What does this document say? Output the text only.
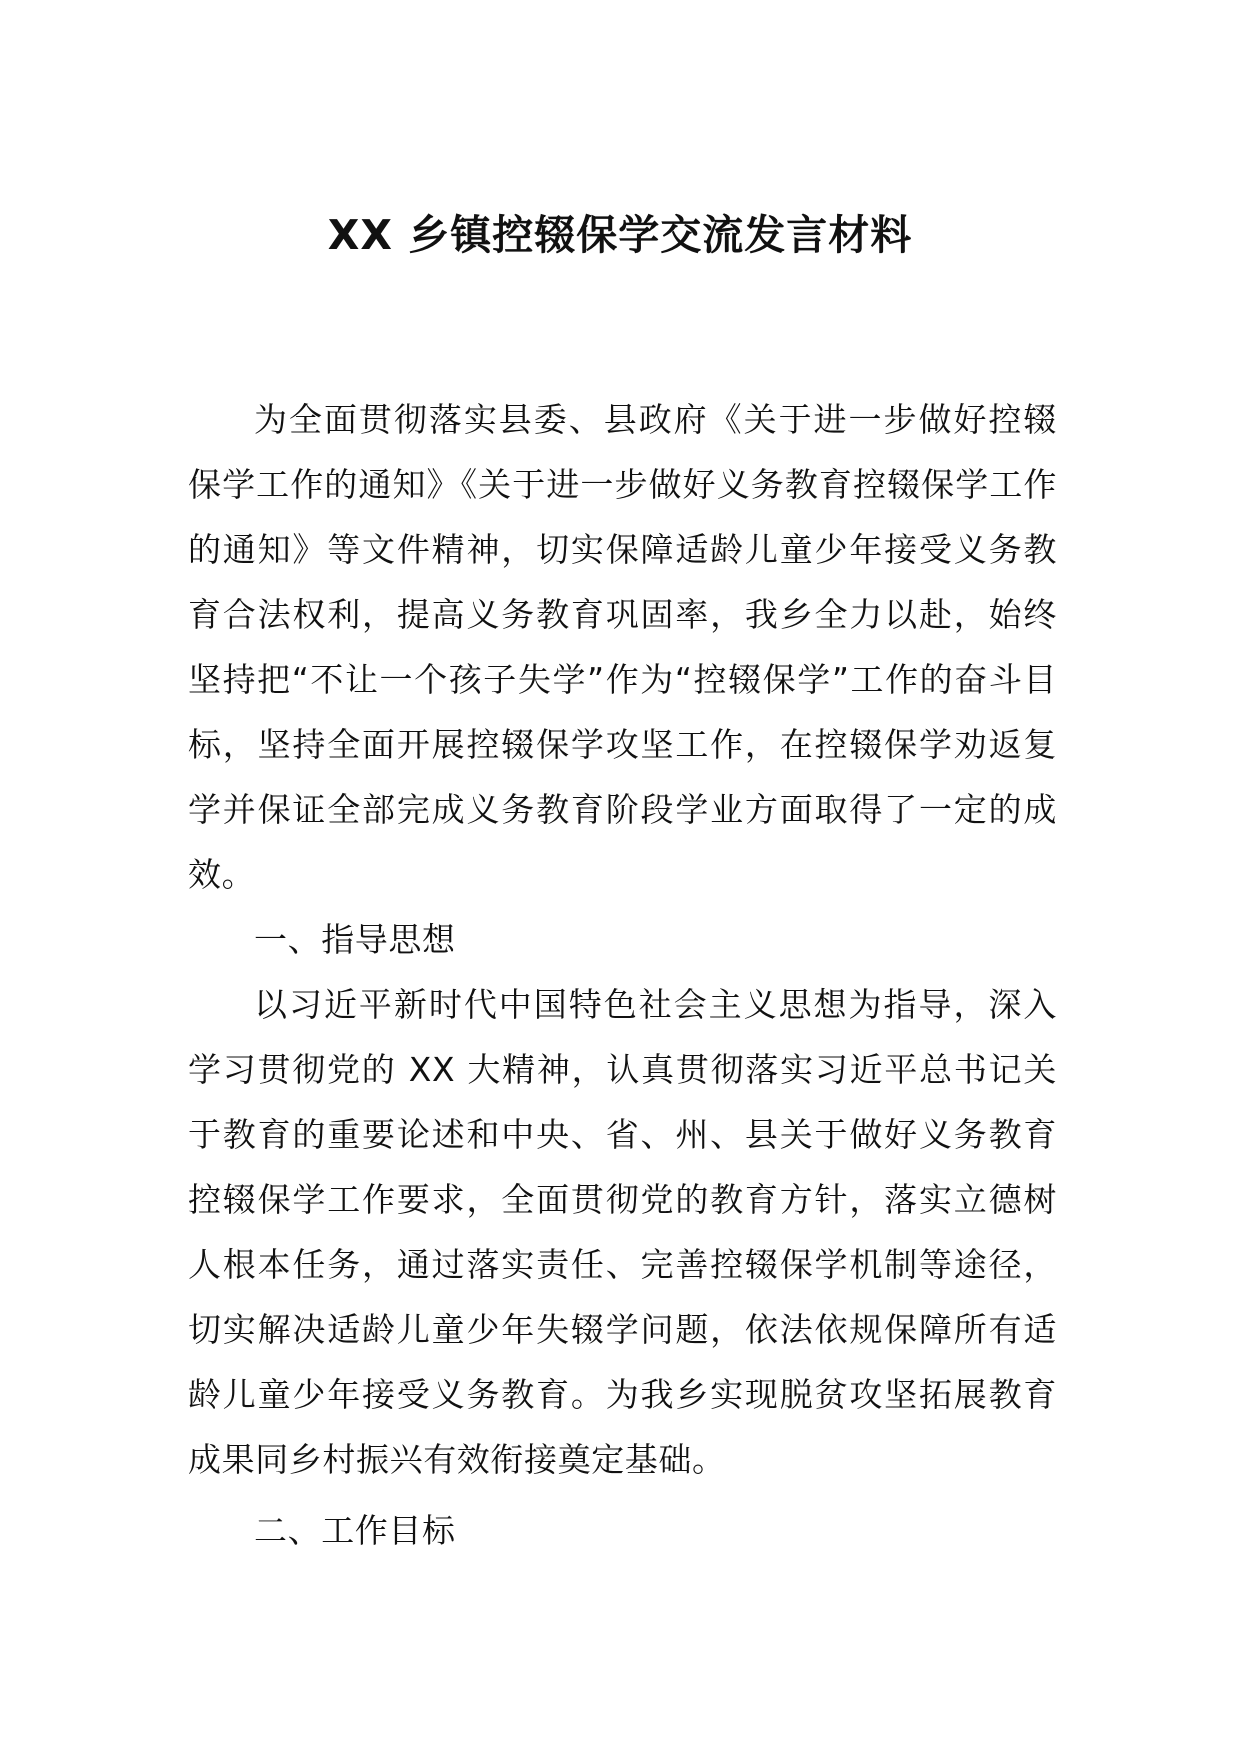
XX 乡镇控辍保学交流发言材料

为全面贯彻落实县委、县政府《关于进一步做好控辍保学工作的通知》《关于进一步做好义务教育控辍保学工作的通知》等文件精神，切实保障适龄儿童少年接受义务教育合法权利，提高义务教育巩固率，我乡全力以赴，始终坚持把“不让一个孩子失学”作为“控辍保学”工作的奋斗目标，坚持全面开展控辍保学攻坚工作，在控辍保学劝返复学并保证全部完成义务教育阶段学业方面取得了一定的成效。

一、指导思想

以习近平新时代中国特色社会主义思想为指导，深入学习贯彻党的 XX 大精神，认真贯彻落实习近平总书记关于教育的重要论述和中央、省、州、县关于做好义务教育控辍保学工作要求，全面贯彻党的教育方针，落实立德树人根本任务，通过落实责任、完善控辍保学机制等途径，切实解决适龄儿童少年失辍学问题，依法依规保障所有适龄儿童少年接受义务教育。为我乡实现脱贫攻坚拓展教育成果同乡村振兴有效衔接奠定基础。

二、工作目标
